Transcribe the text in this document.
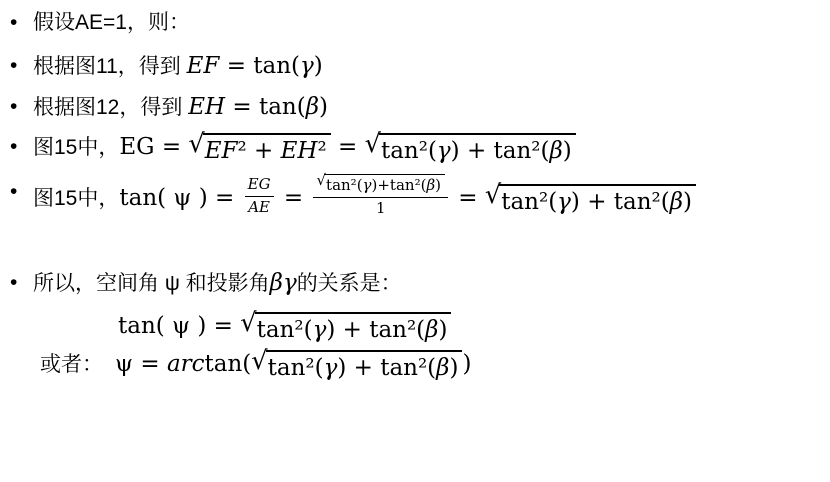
• 假设AE=1，则：
• 根据图11，得到 EF = tan(γ)
• 根据图12，得到 EH = tan(β)
• 图15中，EG = √EF² + EH² = √tan²(γ) + tan²(β)
• 图15中，tan( ψ ) = $\frac{EG}{AE} = \frac{\text{√tan²(γ)+tan²(β)}}{1} = √\tan^2(\gamma) + \tan^2(\beta)$
• 所以，空间角 ψ 和投影角βγ的关系是：
tan( ψ ) = √tan²(γ) + tan²(β)
或者： ψ = arctan(√tan²(γ) + tan²(β) )
